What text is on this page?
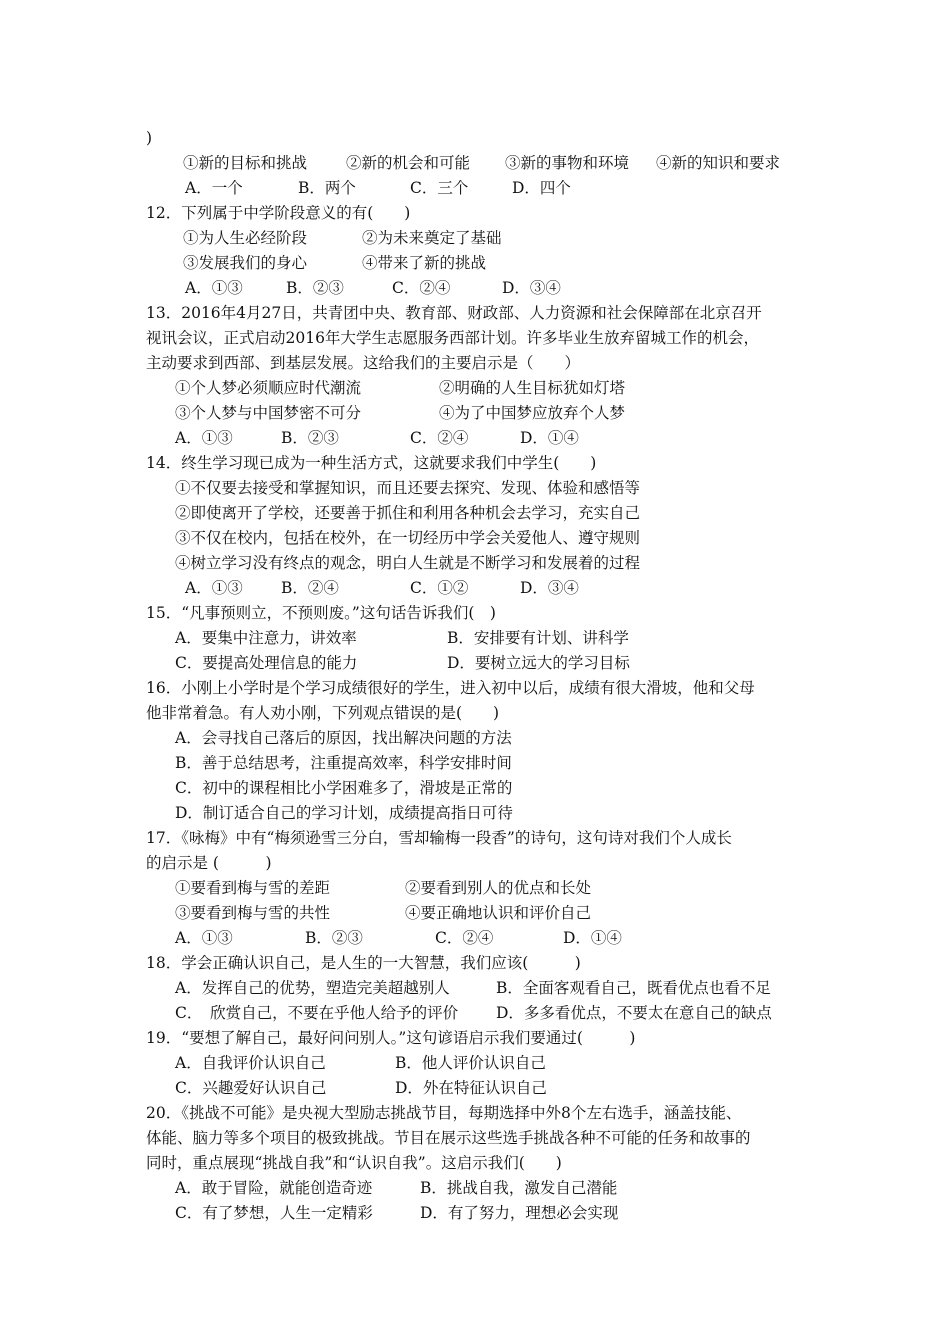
)
①新的目标和挑战	②新的机会和可能 ③新的事物和环境 ④新的知识和要求
A．一个	B．两个	C．三个	D．四个
12．下列属于中学阶段意义的有(　　)
①为人生必经阶段	②为未来奠定了基础
③发展我们的身心	④带来了新的挑战
A．①③	B．②③	C．②④	D．③④
13．2016年4月27日，共青团中央、教育部、财政部、人力资源和社会保障部在北京召开
视讯会议，正式启动2016年大学生志愿服务西部计划。许多毕业生放弃留城工作的机会，
主动要求到西部、到基层发展。这给我们的主要启示是（　　）
①个人梦必须顺应时代潮流	②明确的人生目标犹如灯塔
③个人梦与中国梦密不可分	④为了中国梦应放弃个人梦
A．①③	B．②③	C．②④	D．①④
14．终生学习现已成为一种生活方式，这就要求我们中学生(　　)
①不仅要去接受和掌握知识，而且还要去探究、发现、体验和感悟等
②即使离开了学校，还要善于抓住和利用各种机会去学习，充实自己
③不仅在校内，包括在校外，在一切经历中学会关爱他人、遵守规则
④树立学习没有终点的观念，明白人生就是不断学习和发展着的过程
A．①③ B．②④	C．①②	D．③④
15．“凡事预则立，不预则废。”这句话告诉我们(　)
A．要集中注意力，讲效率	B．安排要有计划、讲科学
C．要提高处理信息的能力	D．要树立远大的学习目标
16．小刚上小学时是个学习成绩很好的学生，进入初中以后，成绩有很大滑坡，他和父母
他非常着急。有人劝小刚，下列观点错误的是(　　)
A．会寻找自己落后的原因，找出解决问题的方法
B．善于总结思考，注重提高效率，科学安排时间
C．初中的课程相比小学困难多了，滑坡是正常的
D．制订适合自己的学习计划，成绩提高指日可待
17．《咏梅》中有“梅须逊雪三分白，雪却输梅一段香”的诗句，这句诗对我们个人成长
的启示是 (　　　)
①要看到梅与雪的差距	②要看到别人的优点和长处
③要看到梅与雪的共性	④要正确地认识和评价自己
A．①③	B．②③	C．②④	D．①④
18．学会正确认识自己，是人生的一大智慧，我们应该(　　　)
A．发挥自己的优势，塑造完美超越别人	B．全面客观看自己，既看优点也看不足
C．　欣赏自己，不要在乎他人给予的评价 D．多多看优点，不要太在意自己的缺点
19．“要想了解自己，最好问问别人。”这句谚语启示我们要通过(　　　)
A．自我评价认识自己	B．他人评价认识自己
C．兴趣爱好认识自己	D．外在特征认识自己
20．《挑战不可能》是央视大型励志挑战节目，每期选择中外8个左右选手，涵盖技能、
体能、脑力等多个项目的极致挑战。节目在展示这些选手挑战各种不可能的任务和故事的
同时，重点展现“挑战自我”和“认识自我”。这启示我们(　　)
A．敢于冒险，就能创造奇迹	B．挑战自我，激发自己潜能
C．有了梦想，人生一定精彩	D．有了努力，理想必会实现
